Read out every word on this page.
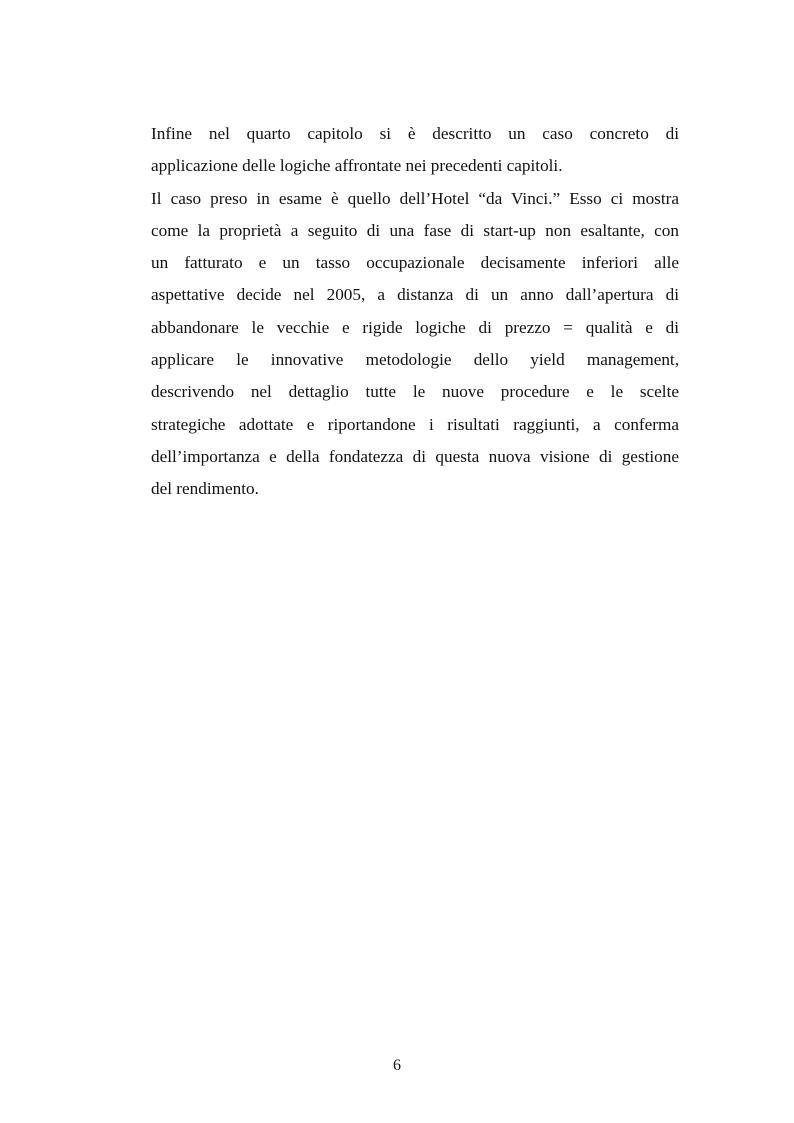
Infine nel quarto capitolo si è descritto un caso concreto di
applicazione delle logiche affrontate nei precedenti capitoli.
Il caso preso in esame è quello dell’Hotel “da Vinci.” Esso ci mostra
come la proprietà a seguito di una fase di start-up non esaltante, con
un fatturato e un tasso occupazionale decisamente inferiori alle
aspettative decide nel 2005, a distanza di un anno dall’apertura di
abbandonare le vecchie e rigide logiche di prezzo = qualità e di
applicare le innovative metodologie dello yield management,
descrivendo nel dettaglio tutte le nuove procedure e le scelte
strategiche adottate e riportandone i risultati raggiunti, a conferma
dell’importanza e della fondatezza di questa nuova visione di gestione
del rendimento.
6
